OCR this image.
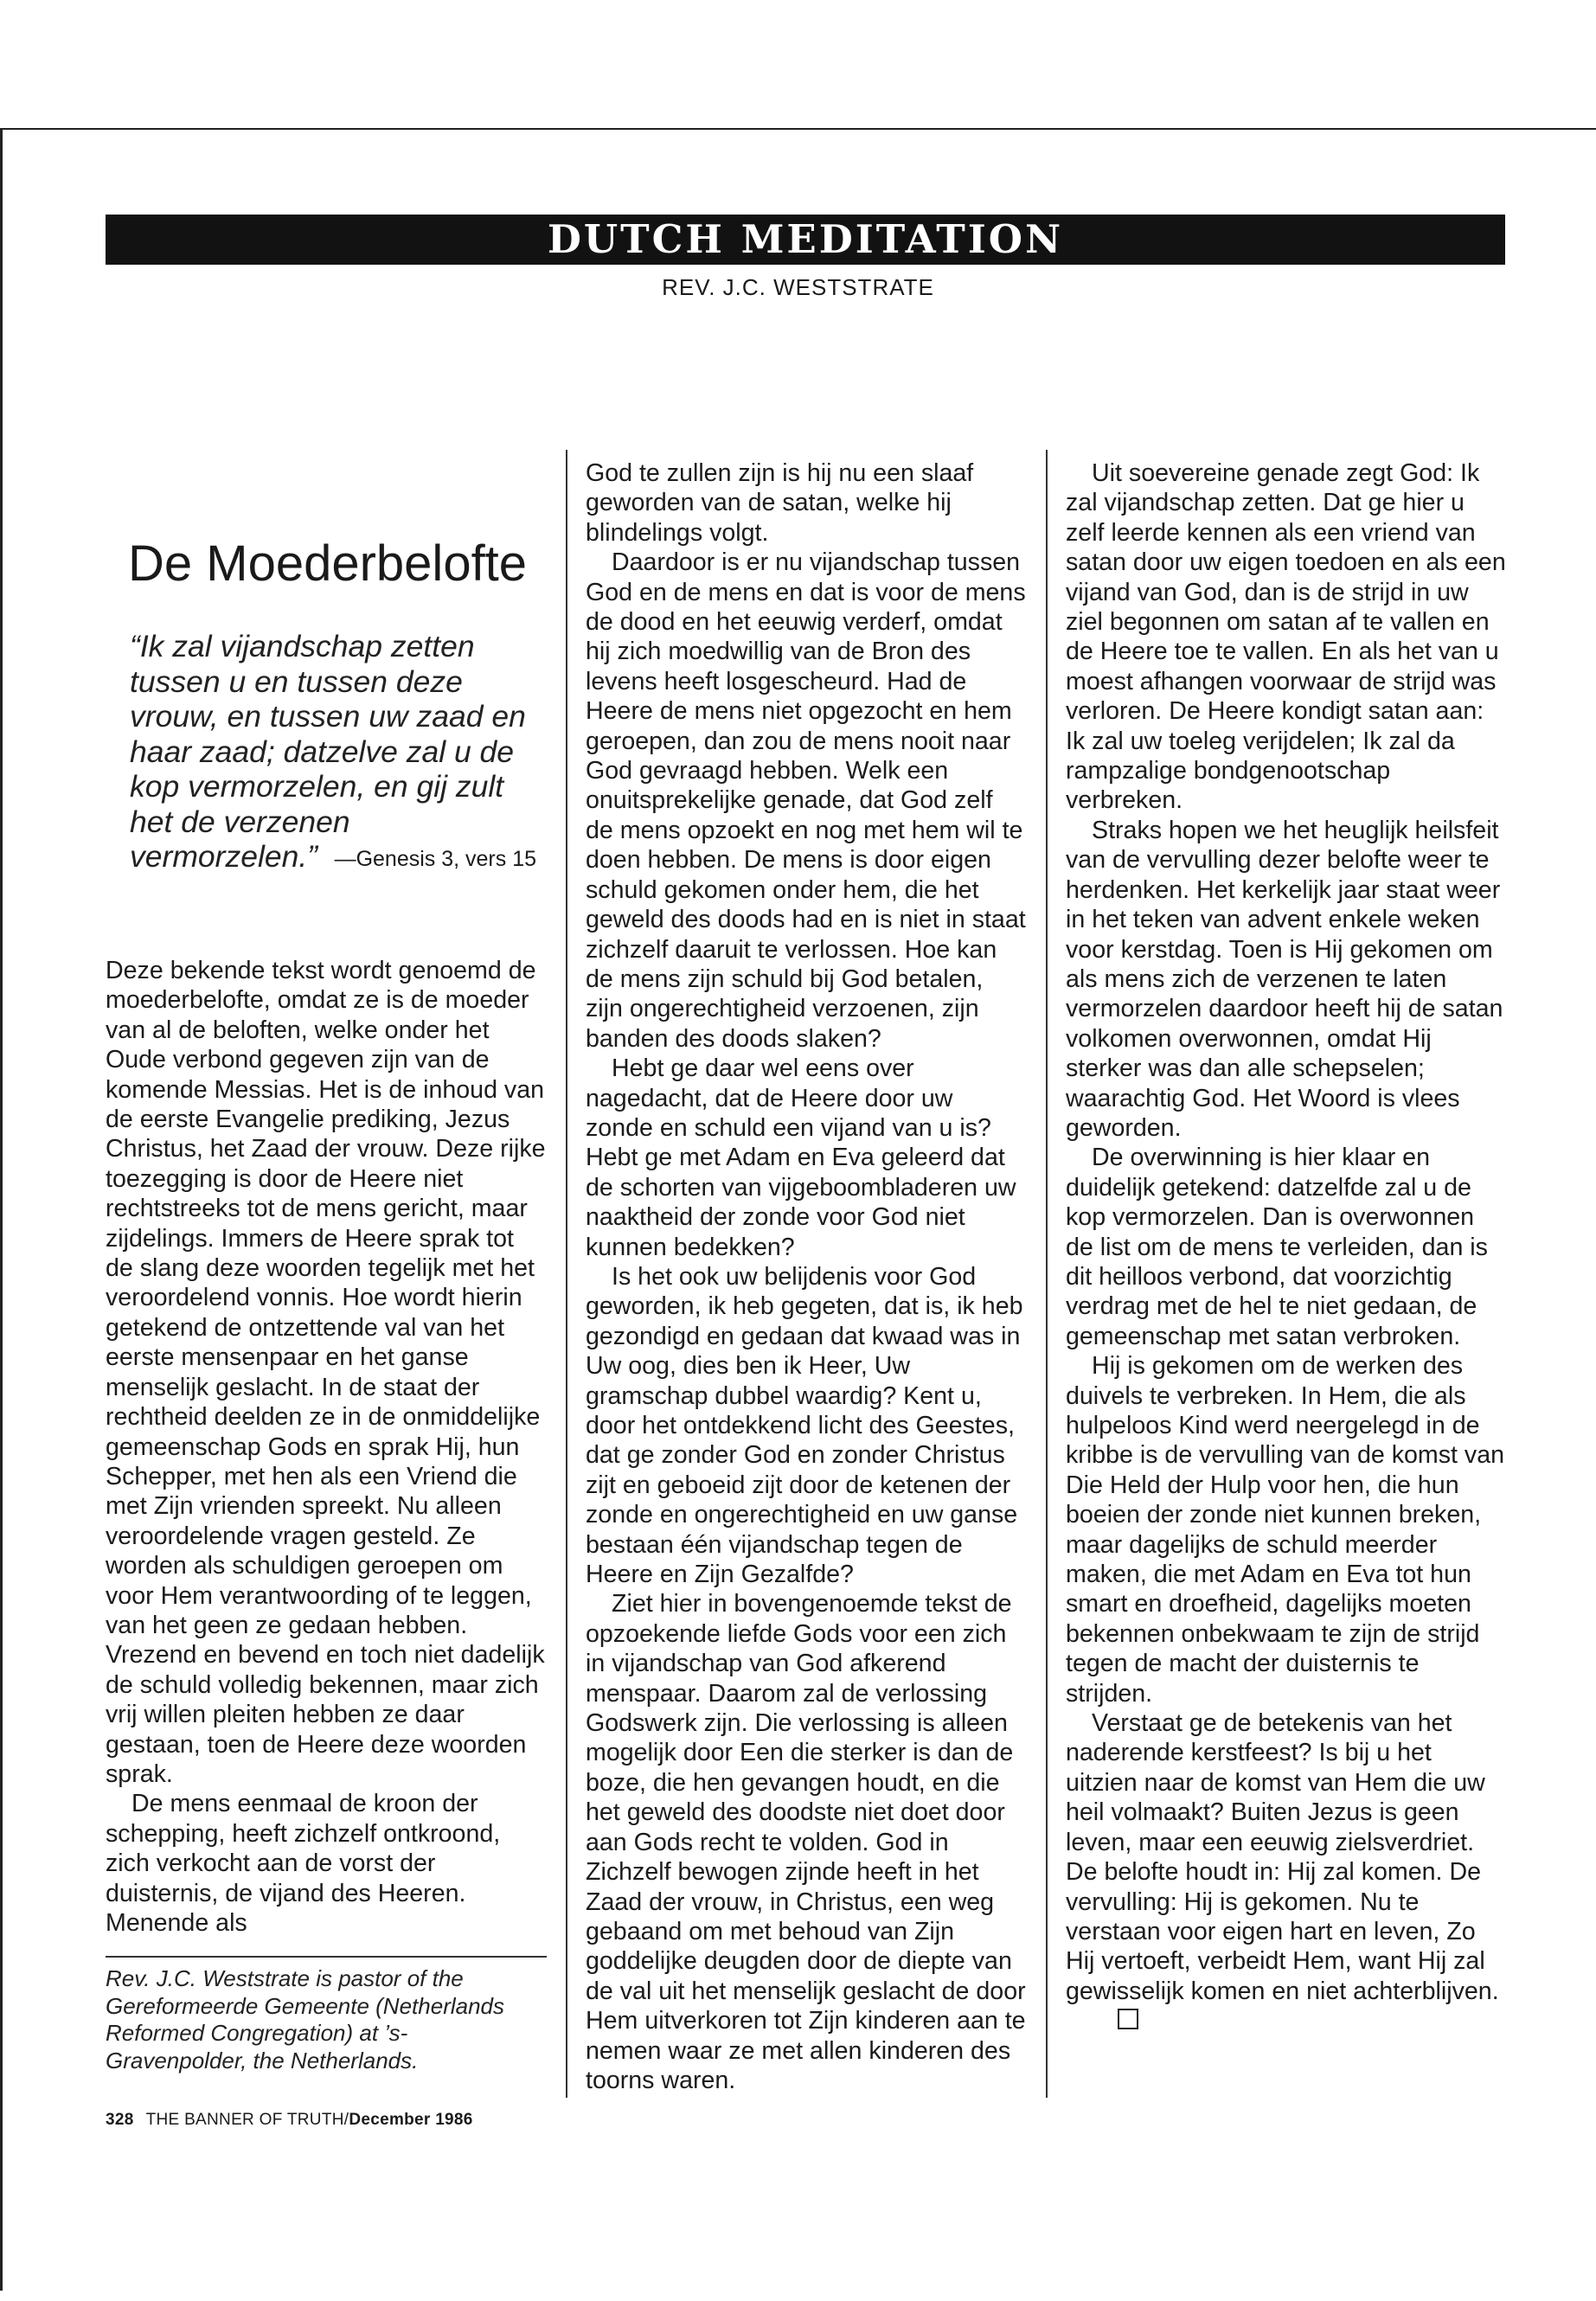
DUTCH MEDITATION
REV. J.C. WESTSTRATE
De Moederbelofte

“Ik zal vijandschap zetten tussen u en tussen deze vrouw, en tussen uw zaad en haar zaad; datzelve zal u de kop vermorzelen, en gij zult het de verzenen vermorzelen.” —Genesis 3, vers 15

Deze bekende tekst wordt genoemd de moederbelofte, omdat ze is de moeder van al de beloften, welke onder het Oude verbond gegeven zijn van de komende Messias. Het is de inhoud van de eerste Evangelie prediking, Jezus Christus, het Zaad der vrouw. Deze rijke toezegging is door de Heere niet rechtstreeks tot de mens gericht, maar zijdelings. Immers de Heere sprak tot de slang deze woorden tegelijk met het veroordelend vonnis. Hoe wordt hierin getekend de ontzettende val van het eerste mensenpaar en het ganse menselijk geslacht. In de staat der rechtheid deelden ze in de onmiddelijke gemeenschap Gods en sprak Hij, hun Schepper, met hen als een Vriend die met Zijn vrienden spreekt. Nu alleen veroordelende vragen gesteld. Ze worden als schuldigen geroepen om voor Hem verantwoording of te leggen, van het geen ze gedaan hebben. Vrezend en bevend en toch niet dadelijk de schuld volledig bekennen, maar zich vrij willen pleiten hebben ze daar gestaan, toen de Heere deze woorden sprak.

De mens eenmaal de kroon der schepping, heeft zichzelf ontkroond, zich verkocht aan de vorst der duisternis, de vijand des Heeren. Menende als

Rev. J.C. Weststrate is pastor of the Gereformeerde Gemeente (Netherlands Reformed Congregation) at ’s-Gravenpolder, the Netherlands.

God te zullen zijn is hij nu een slaaf geworden van de satan, welke hij blindelings volgt.

Daardoor is er nu vijandschap tussen God en de mens en dat is voor de mens de dood en het eeuwig verderf, omdat hij zich moedwillig van de Bron des levens heeft losgescheurd. Had de Heere de mens niet opgezocht en hem geroepen, dan zou de mens nooit naar God gevraagd hebben. Welk een onuitsprekelijke genade, dat God zelf de mens opzoekt en nog met hem wil te doen hebben. De mens is door eigen schuld gekomen onder hem, die het geweld des doods had en is niet in staat zichzelf daaruit te verlossen. Hoe kan de mens zijn schuld bij God betalen, zijn ongerechtigheid verzoenen, zijn banden des doods slaken?

Hebt ge daar wel eens over nagedacht, dat de Heere door uw zonde en schuld een vijand van u is? Hebt ge met Adam en Eva geleerd dat de schorten van vijgeboombladeren uw naaktheid der zonde voor God niet kunnen bedekken?

Is het ook uw belijdenis voor God geworden, ik heb gegeten, dat is, ik heb gezondigd en gedaan dat kwaad was in Uw oog, dies ben ik Heer, Uw gramschap dubbel waardig? Kent u, door het ontdekkend licht des Geestes, dat ge zonder God en zonder Christus zijt en geboeid zijt door de ketenen der zonde en ongerechtigheid en uw ganse bestaan één vijandschap tegen de Heere en Zijn Gezalfde?

Ziet hier in bovengenoemde tekst de opzoekende liefde Gods voor een zich in vijandschap van God afkerend menspaar. Daarom zal de verlossing Godswerk zijn. Die verlossing is alleen mogelijk door Een die sterker is dan de boze, die hen gevangen houdt, en die het geweld des doodste niet doet door aan Gods recht te volden. God in Zichzelf bewogen zijnde heeft in het Zaad der vrouw, in Christus, een weg gebaand om met behoud van Zijn goddelijke deugden door de diepte van de val uit het menselijk geslacht de door Hem uitverkoren tot Zijn kinderen aan te nemen waar ze met allen kinderen des toorns waren.

Uit soevereine genade zegt God: Ik zal vijandschap zetten. Dat ge hier u zelf leerde kennen als een vriend van satan door uw eigen toedoen en als een vijand van God, dan is de strijd in uw ziel begonnen om satan af te vallen en de Heere toe te vallen. En als het van u moest afhangen voorwaar de strijd was verloren. De Heere kondigt satan aan: Ik zal uw toeleg verijdelen; Ik zal da rampzalige bondgenootschap verbreken.

Straks hopen we het heuglijk heilsfeit van de vervulling dezer belofte weer te herdenken. Het kerkelijk jaar staat weer in het teken van advent enkele weken voor kerstdag. Toen is Hij gekomen om als mens zich de verzenen te laten vermorzelen daardoor heeft hij de satan volkomen overwonnen, omdat Hij sterker was dan alle schepselen; waarachtig God. Het Woord is vlees geworden.

De overwinning is hier klaar en duidelijk getekend: datzelfde zal u de kop vermorzelen. Dan is overwonnen de list om de mens te verleiden, dan is dit heilloos verbond, dat voorzichtig verdrag met de hel te niet gedaan, de gemeenschap met satan verbroken.

Hij is gekomen om de werken des duivels te verbreken. In Hem, die als hulpeloos Kind werd neergelegd in de kribbe is de vervulling van de komst van Die Held der Hulp voor hen, die hun boeien der zonde niet kunnen breken, maar dagelijks de schuld meerder maken, die met Adam en Eva tot hun smart en droefheid, dagelijks moeten bekennen onbekwaam te zijn de strijd tegen de macht der duisternis te strijden.

Verstaat ge de betekenis van het naderende kerstfeest? Is bij u het uitzien naar de komst van Hem die uw heil volmaakt? Buiten Jezus is geen leven, maar een eeuwig zielsverdriet. De belofte houdt in: Hij zal komen. De vervulling: Hij is gekomen. Nu te verstaan voor eigen hart en leven, Zo Hij vertoeft, verbeidt Hem, want Hij zal gewisselijk komen en niet achterblijven.

328 THE BANNER OF TRUTH/December 1986
